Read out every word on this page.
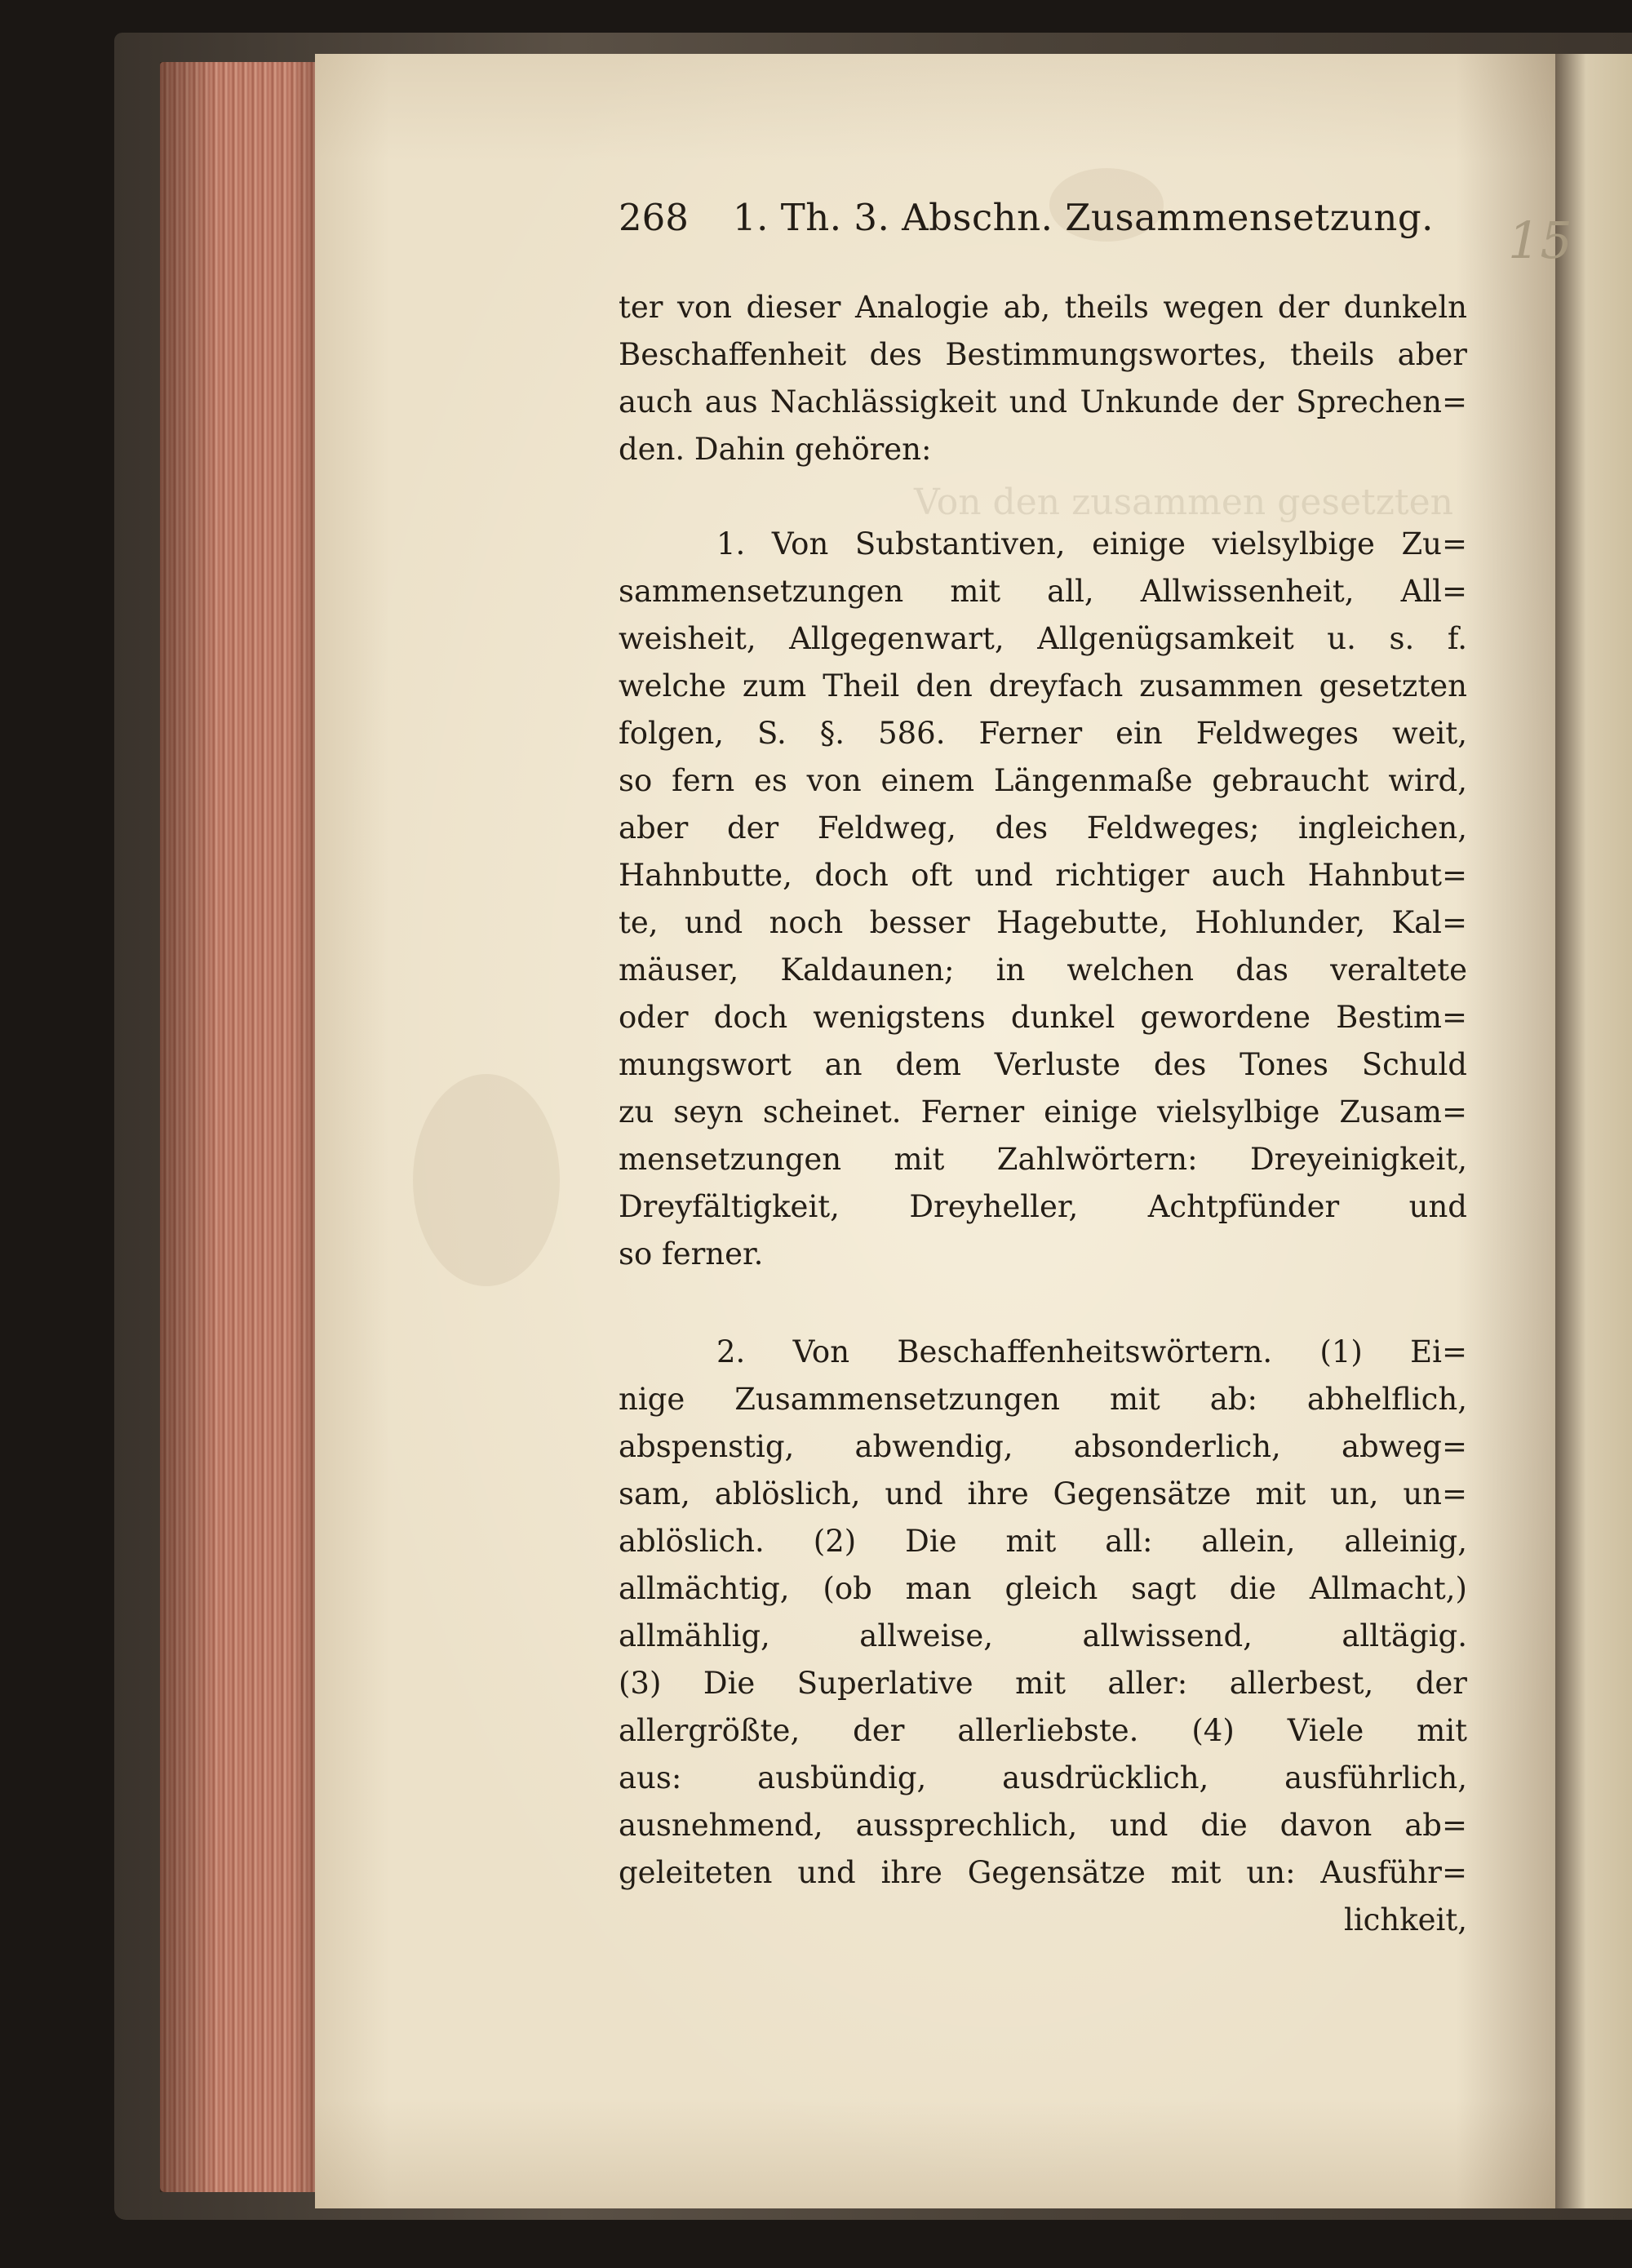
Von den zusammen gesetzten
268 1. Th. 3. Abschn. Zusammensetzung. 15
ter von dieser Analogie ab, theils wegen der dunkeln
Beschaffenheit des Bestimmungswortes, theils aber
auch aus Nachlässigkeit und Unkunde der Sprechen=
den. Dahin gehören:
1. Von Substantiven, einige vielsylbige Zu=
sammensetzungen mit all, Allwissenheit, All=
weisheit, Allgegenwart, Allgenügsamkeit u. s. f.
welche zum Theil den dreyfach zusammen gesetzten
folgen, S. §. 586. Ferner ein Feldweges weit,
so fern es von einem Längenmaße gebraucht wird,
aber der Feldweg, des Feldweges; ingleichen,
Hahnbutte, doch oft und richtiger auch Hahnbut=
te, und noch besser Hagebutte, Hohlunder, Kal=
mäuser, Kaldaunen; in welchen das veraltete
oder doch wenigstens dunkel gewordene Bestim=
mungswort an dem Verluste des Tones Schuld
zu seyn scheinet. Ferner einige vielsylbige Zusam=
mensetzungen mit Zahlwörtern: Dreyeinigkeit,
Dreyfältigkeit, Dreyheller, Achtpfünder und
so ferner.
2. Von Beschaffenheitswörtern. (1) Ei=
nige Zusammensetzungen mit ab: abhelflich,
abspenstig, abwendig, absonderlich, abweg=
sam, ablöslich, und ihre Gegensätze mit un, un=
ablöslich. (2) Die mit all: allein, alleinig,
allmächtig, (ob man gleich sagt die Allmacht,)
allmählig, allweise, allwissend, alltägig.
(3) Die Superlative mit aller: allerbest, der
allergrößte, der allerliebste. (4) Viele mit
aus: ausbündig, ausdrücklich, ausführlich,
ausnehmend, aussprechlich, und die davon ab=
geleiteten und ihre Gegensätze mit un: Ausführ=
lichkeit,
